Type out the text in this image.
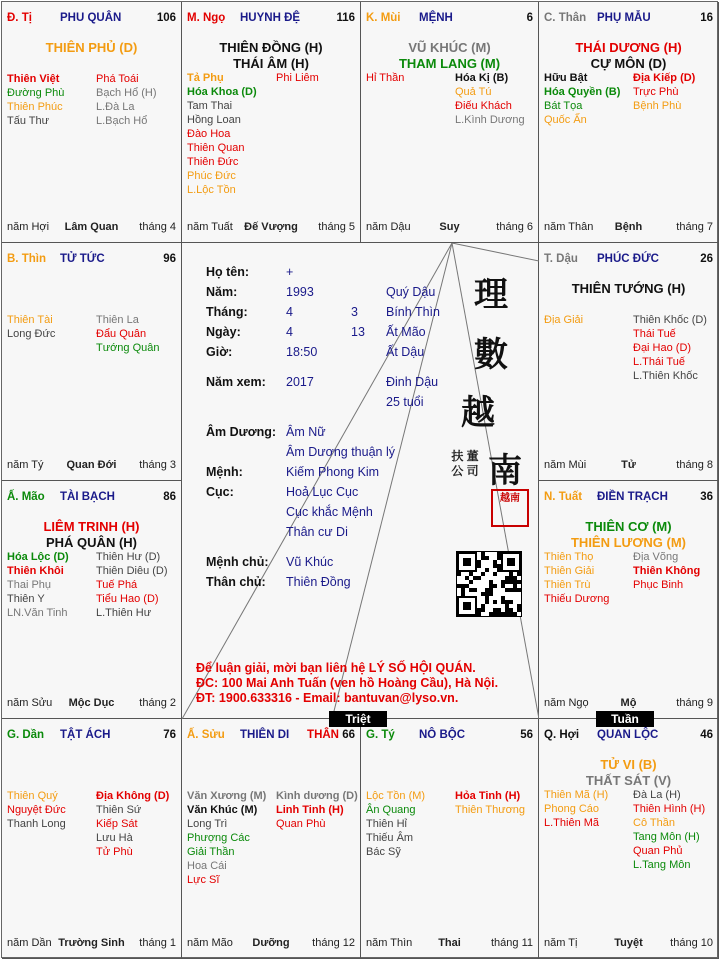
Đ. Tị PHU QUÂN	106
THIÊN PHỦ (D)
Thiên Việt
Đường Phù
Thiên Phúc
Tấu Thư
Phá Toái
Bạch Hổ (H)
L.Đà La
L.Bạch Hổ
năm Hợi	Lâm Quan	tháng 4
M. Ngọ HUYNH ĐỆ	116
THIÊN ĐỒNG (H)
THÁI ÂM (H)
Tả Phụ
Hóa Khoa (D)
Tam Thai
Hồng Loan
Đào Hoa
Thiên Quan
Thiên Đức
Phúc Đức
L.Lộc Tồn
Phi Liêm
năm Tuất	Đế Vượng	tháng 5
K. Mùi MỆNH	6
VŨ KHÚC (M)
THAM LANG (M)
Hỉ Thần	Hóa Kị (B)
Quả Tú
Điếu Khách
L.Kình Dương
năm Dậu	Suy	tháng 6
C. Thân PHỤ MẪU	16
THÁI DƯƠNG (H)
CỰ MÔN (D)
Hữu Bật
Hóa Quyền (B)
Bát Tọa
Quốc Ấn
Địa Kiếp (D)
Trực Phù
Bệnh Phù
năm Thân	Bệnh	tháng 7
B. Thìn TỬ TỨC	96
Thiên Tài
Long Đức
Thiên La
Đẩu Quân
Tướng Quân
năm Tý	Quan Đới	tháng 3
T. Dậu PHÚC ĐỨC	26
THIÊN TƯỚNG (H)
Địa Giải	Thiên Khốc (D)
Thái Tuế
Đại Hao (D)
L.Thái Tuế
L.Thiên Khốc
năm Mùi	Tử	tháng 8
Ấ. Mão TÀI BẠCH	86
LIÊM TRINH (H)
PHÁ QUÂN (H)
Hóa Lộc (D)
Thiên Khôi
Thai Phụ
Thiên Y
LN.Văn Tinh
Thiên Hư (D)
Thiên Diêu (D)
Tuế Phá
Tiểu Hao (D)
L.Thiên Hư
năm Sửu	Mộc Dục	tháng 2
N. Tuất ĐIỀN TRẠCH	36
THIÊN CƠ (M)
THIÊN LƯƠNG (M)
Thiên Thọ
Thiên Giải
Thiên Trù
Thiếu Dương
Địa Võng
Thiên Không
Phục Binh
năm Ngọ	Mộ	tháng 9
G. Dần TẬT ÁCH	76
Thiên Quý
Nguyệt Đức
Thanh Long
Địa Không (D)
Thiên Sứ
Kiếp Sát
Lưu Hà
Tử Phù
năm Dần Trường Sinh	tháng 1
Ấ. Sửu THIÊN DI	66
THÂN
Văn Xương (M)
Văn Khúc (M)
Long Trì
Phượng Các
Giải Thần
Hoa Cái
Lực Sĩ
Kình dương (D)
Linh Tinh (H)
Quan Phù
năm Mão	Dưỡng	tháng 12
G. Tý NÔ BỘC	56
Lộc Tồn (M)
Ân Quang
Thiên Hỉ
Thiếu Âm
Bác Sỹ
Hỏa Tinh (H)
Thiên Thương
năm Thìn	Thai	tháng 11
Q. Hợi QUAN LỘC	46
TỬ VI (B)
THẤT SÁT (V)
Thiên Mã (H)
Phong Cáo
L.Thiên Mã
Đà La (H)
Thiên Hình (H)
Cô Thần
Tang Môn (H)
Quan Phủ
L.Tang Môn
năm Tị	Tuyệt	tháng 10
Họ tên:	+
Năm:	1993	Quý Dậu
Tháng:	4	3 Bính Thìn
Ngày:	4	13 Ất Mão
Giờ:	18:50	Ất Dậu
Năm xem: 2017	Đinh Dậu
25 tuổi
Âm Dương: Âm Nữ
Âm Dương thuận lý
Mệnh:	Kiếm Phong Kim
Cục:	Hoả Lục Cục
Cục khắc Mệnh
Thân cư Di
Mệnh chủ: Vũ Khúc
Thân chủ: Thiên Đồng
理
數
越
南
扶 董 公 司
越南
Để luận giải, mời bạn liên hệ LÝ SỐ HỘI QUÁN.
ĐC: 100 Mai Anh Tuấn (ven hồ Hoàng Cầu), Hà Nội.
ĐT: 1900.633316 - Email: bantuvan@lyso.vn.
Triệt	Tuần
